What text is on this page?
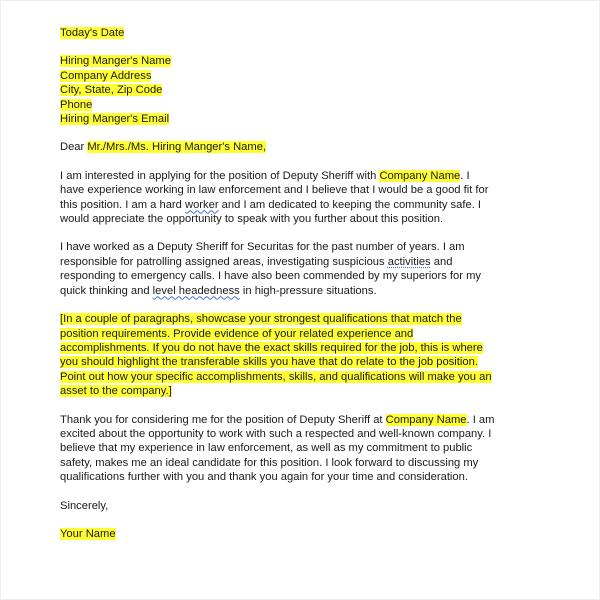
Today's Date

Hiring Manger's Name
Company Address
City, State, Zip Code
Phone
Hiring Manger's Email

Dear Mr./Mrs./Ms. Hiring Manger's Name,

I am interested in applying for the position of Deputy Sheriff with Company Name. I
have experience working in law enforcement and I believe that I would be a good fit for
this position. I am a hard worker and I am dedicated to keeping the community safe. I
would appreciate the opportunity to speak with you further about this position.

I have worked as a Deputy Sheriff for Securitas for the past number of years. I am
responsible for patrolling assigned areas, investigating suspicious activities and
responding to emergency calls. I have also been commended by my superiors for my
quick thinking and level headedness in high-pressure situations.

[In a couple of paragraphs, showcase your strongest qualifications that match the
position requirements. Provide evidence of your related experience and
accomplishments. If you do not have the exact skills required for the job, this is where
you should highlight the transferable skills you have that do relate to the job position.
Point out how your specific accomplishments, skills, and qualifications will make you an
asset to the company.]

Thank you for considering me for the position of Deputy Sheriff at Company Name. I am
excited about the opportunity to work with such a respected and well-known company. I
believe that my experience in law enforcement, as well as my commitment to public
safety, makes me an ideal candidate for this position. I look forward to discussing my
qualifications further with you and thank you again for your time and consideration.

Sincerely,

Your Name
